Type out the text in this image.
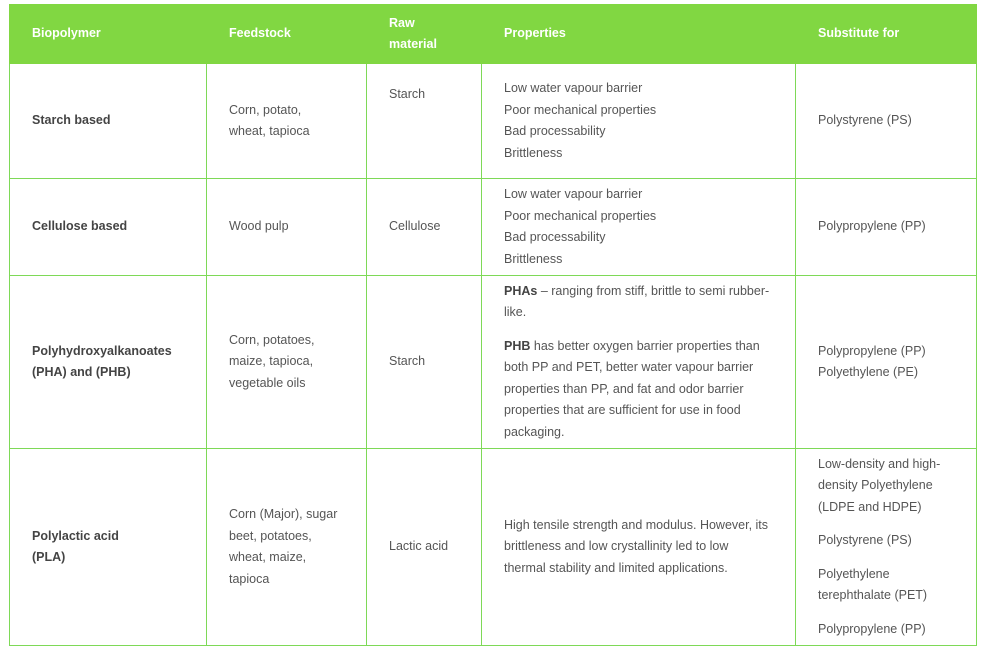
Biopolymer	Feedstock	Raw material	Properties	Substitute for
Starch based	Corn, potato, wheat, tapioca	Starch	Low water vapour barrier
Poor mechanical properties
Bad processability
Brittleness	Polystyrene (PS)

Cellulose based	Wood pulp	Cellulose	Low water vapour barrier
Poor mechanical properties
Bad processability
Brittleness	Polypropylene (PP)

Polyhydroxyalkanoates (PHA) and (PHB)	Corn, potatoes, maize, tapioca, vegetable oils	Starch	PHAs – ranging from stiff, brittle to semi rubber-like.
PHB has better oxygen barrier properties than both PP and PET, better water vapour barrier properties than PP, and fat and odor barrier properties that are sufficient for use in food packaging.	Polypropylene (PP)
Polyethylene (PE)

Polylactic acid
(PLA)	Corn (Major), sugar beet, potatoes, wheat, maize, tapioca	Lactic acid	High tensile strength and modulus. However, its brittleness and low crystallinity led to low thermal stability and limited applications.	Low-density and high-density Polyethylene (LDPE and HDPE)
Polystyrene (PS)
Polyethylene terephthalate (PET)
Polypropylene (PP)
